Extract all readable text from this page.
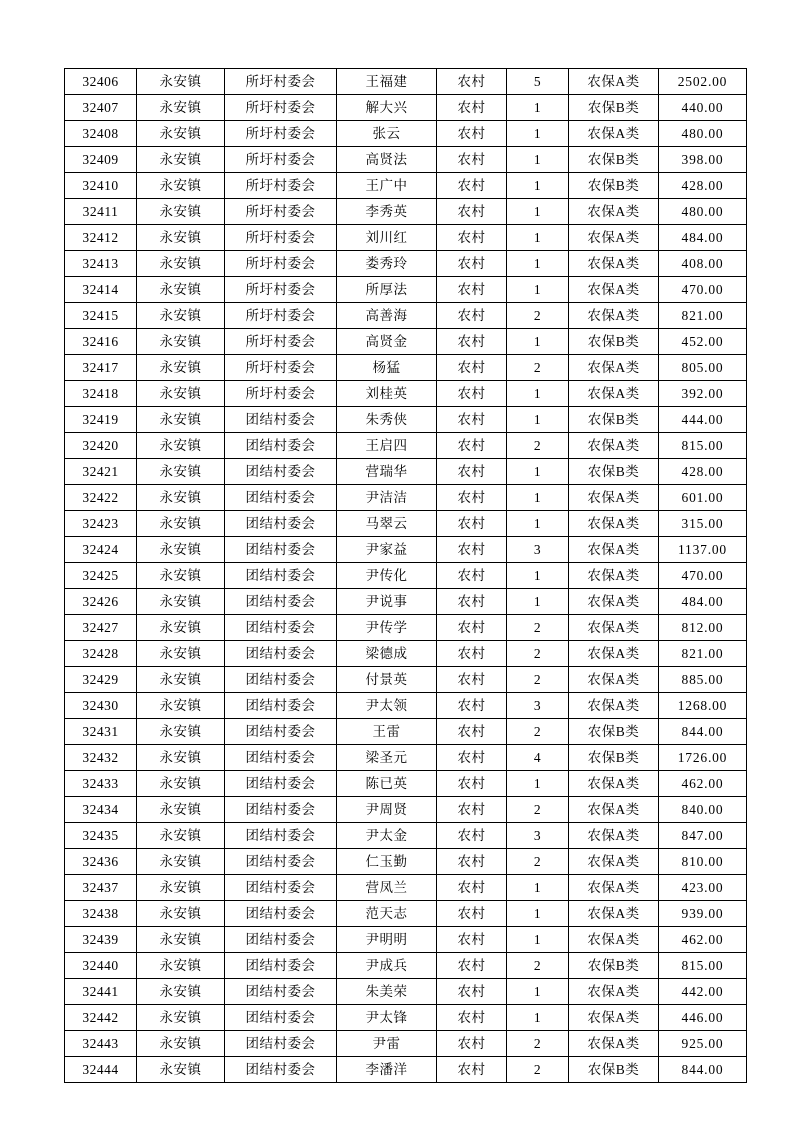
32406	永安镇	所圩村委会	王福建	农村	5	农保A类	2502.00
32407	永安镇	所圩村委会	解大兴	农村	1	农保B类	440.00
32408	永安镇	所圩村委会	张云	农村	1	农保A类	480.00
32409	永安镇	所圩村委会	高贤法	农村	1	农保B类	398.00
32410	永安镇	所圩村委会	王广中	农村	1	农保B类	428.00
32411	永安镇	所圩村委会	李秀英	农村	1	农保A类	480.00
32412	永安镇	所圩村委会	刘川红	农村	1	农保A类	484.00
32413	永安镇	所圩村委会	娄秀玲	农村	1	农保A类	408.00
32414	永安镇	所圩村委会	所厚法	农村	1	农保A类	470.00
32415	永安镇	所圩村委会	高善海	农村	2	农保A类	821.00
32416	永安镇	所圩村委会	高贤金	农村	1	农保B类	452.00
32417	永安镇	所圩村委会	杨猛	农村	2	农保A类	805.00
32418	永安镇	所圩村委会	刘桂英	农村	1	农保A类	392.00
32419	永安镇	团结村委会	朱秀侠	农村	1	农保B类	444.00
32420	永安镇	团结村委会	王启四	农村	2	农保A类	815.00
32421	永安镇	团结村委会	营瑞华	农村	1	农保B类	428.00
32422	永安镇	团结村委会	尹洁洁	农村	1	农保A类	601.00
32423	永安镇	团结村委会	马翠云	农村	1	农保A类	315.00
32424	永安镇	团结村委会	尹家益	农村	3	农保A类	1137.00
32425	永安镇	团结村委会	尹传化	农村	1	农保A类	470.00
32426	永安镇	团结村委会	尹说事	农村	1	农保A类	484.00
32427	永安镇	团结村委会	尹传学	农村	2	农保A类	812.00
32428	永安镇	团结村委会	梁德成	农村	2	农保A类	821.00
32429	永安镇	团结村委会	付景英	农村	2	农保A类	885.00
32430	永安镇	团结村委会	尹太领	农村	3	农保A类	1268.00
32431	永安镇	团结村委会	王雷	农村	2	农保B类	844.00
32432	永安镇	团结村委会	梁圣元	农村	4	农保B类	1726.00
32433	永安镇	团结村委会	陈已英	农村	1	农保A类	462.00
32434	永安镇	团结村委会	尹周贤	农村	2	农保A类	840.00
32435	永安镇	团结村委会	尹太金	农村	3	农保A类	847.00
32436	永安镇	团结村委会	仁玉勤	农村	2	农保A类	810.00
32437	永安镇	团结村委会	营凤兰	农村	1	农保A类	423.00
32438	永安镇	团结村委会	范天志	农村	1	农保A类	939.00
32439	永安镇	团结村委会	尹明明	农村	1	农保A类	462.00
32440	永安镇	团结村委会	尹成兵	农村	2	农保B类	815.00
32441	永安镇	团结村委会	朱美荣	农村	1	农保A类	442.00
32442	永安镇	团结村委会	尹太锋	农村	1	农保A类	446.00
32443	永安镇	团结村委会	尹雷	农村	2	农保A类	925.00
32444	永安镇	团结村委会	李潘洋	农村	2	农保B类	844.00
